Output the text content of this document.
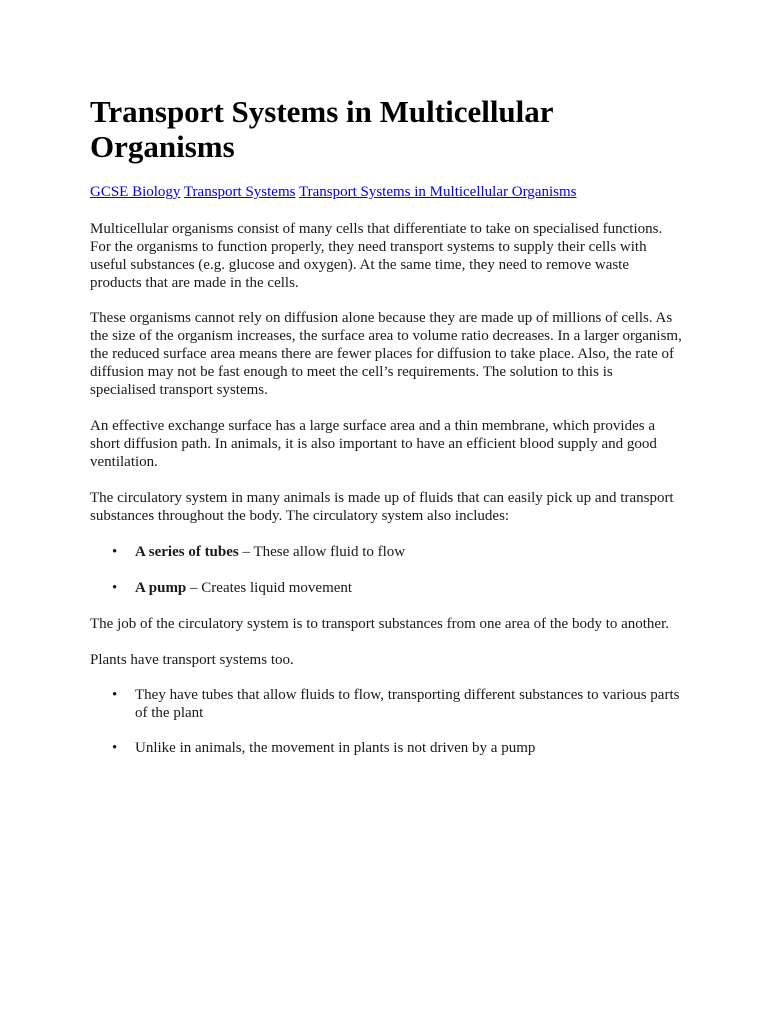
Transport Systems in Multicellular Organisms
GCSE Biology Transport Systems Transport Systems in Multicellular Organisms

Multicellular organisms consist of many cells that differentiate to take on specialised functions. For the organisms to function properly, they need transport systems to supply their cells with useful substances (e.g. glucose and oxygen). At the same time, they need to remove waste products that are made in the cells.

These organisms cannot rely on diffusion alone because they are made up of millions of cells. As the size of the organism increases, the surface area to volume ratio decreases. In a larger organism, the reduced surface area means there are fewer places for diffusion to take place. Also, the rate of diffusion may not be fast enough to meet the cell’s requirements. The solution to this is specialised transport systems.

An effective exchange surface has a large surface area and a thin membrane, which provides a short diffusion path. In animals, it is also important to have an efficient blood supply and good ventilation.

The circulatory system in many animals is made up of fluids that can easily pick up and transport substances throughout the body. The circulatory system also includes:

• A series of tubes – These allow fluid to flow
• A pump – Creates liquid movement

The job of the circulatory system is to transport substances from one area of the body to another.

Plants have transport systems too.

• They have tubes that allow fluids to flow, transporting different substances to various parts of the plant
• Unlike in animals, the movement in plants is not driven by a pump
